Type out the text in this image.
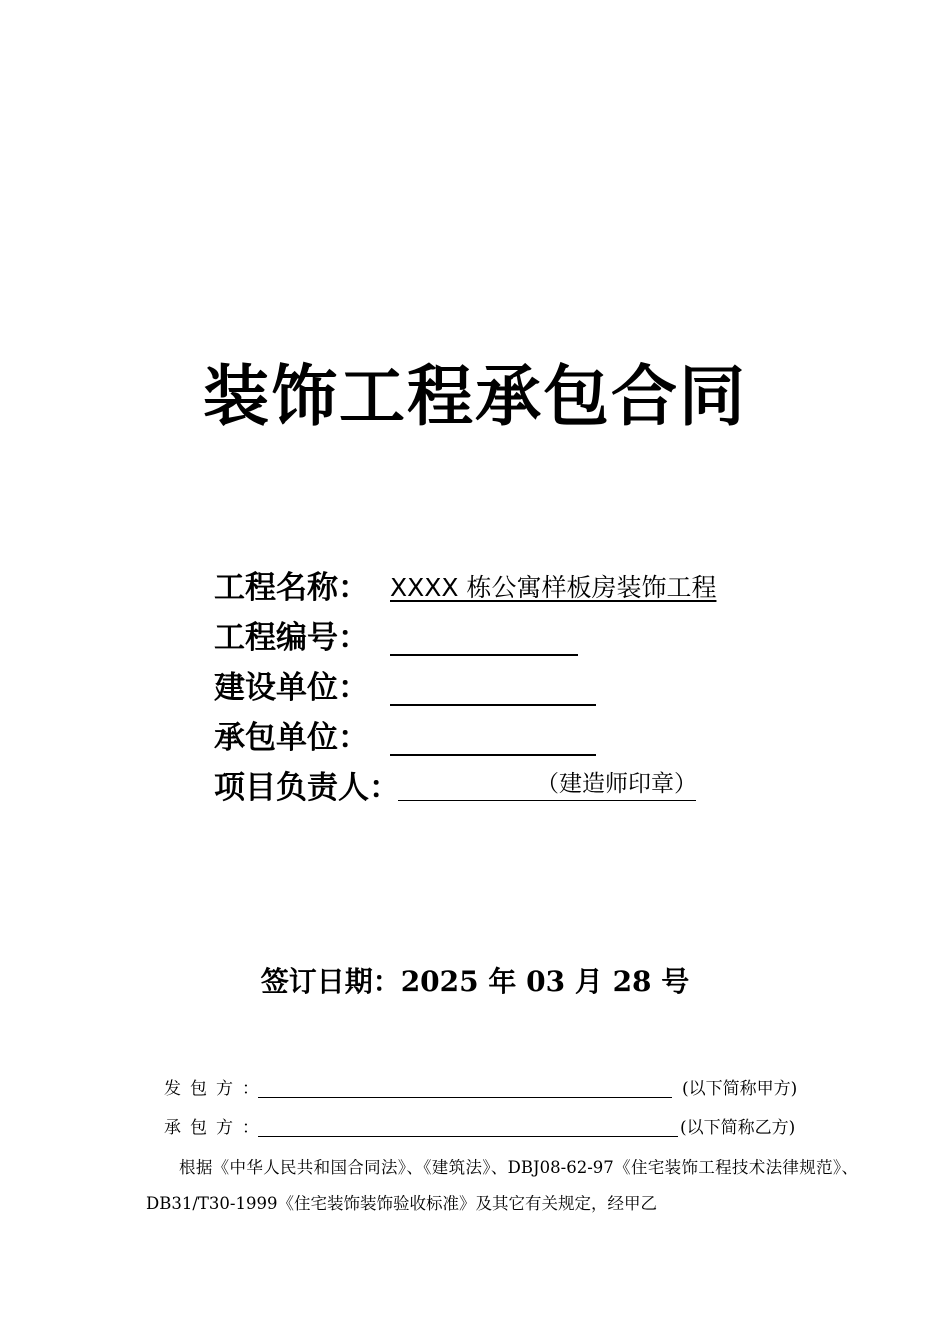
装饰工程承包合同
工程名称： XXXX 栋公寓样板房装饰工程
工程编号：
建设单位：
承包单位：
项目负责人：	（建造师印章）
签订日期：2025 年 03 月 28 号
发包方：	(以下简称甲方)
承包方：	(以下简称乙方)
根据《中华人民共和国合同法》、《建筑法》、DBJ08-62-97《住宅装饰工程技术法律规范》、DB31/T30-1999《住宅装饰装饰验收标准》及其它有关规定，经甲乙
